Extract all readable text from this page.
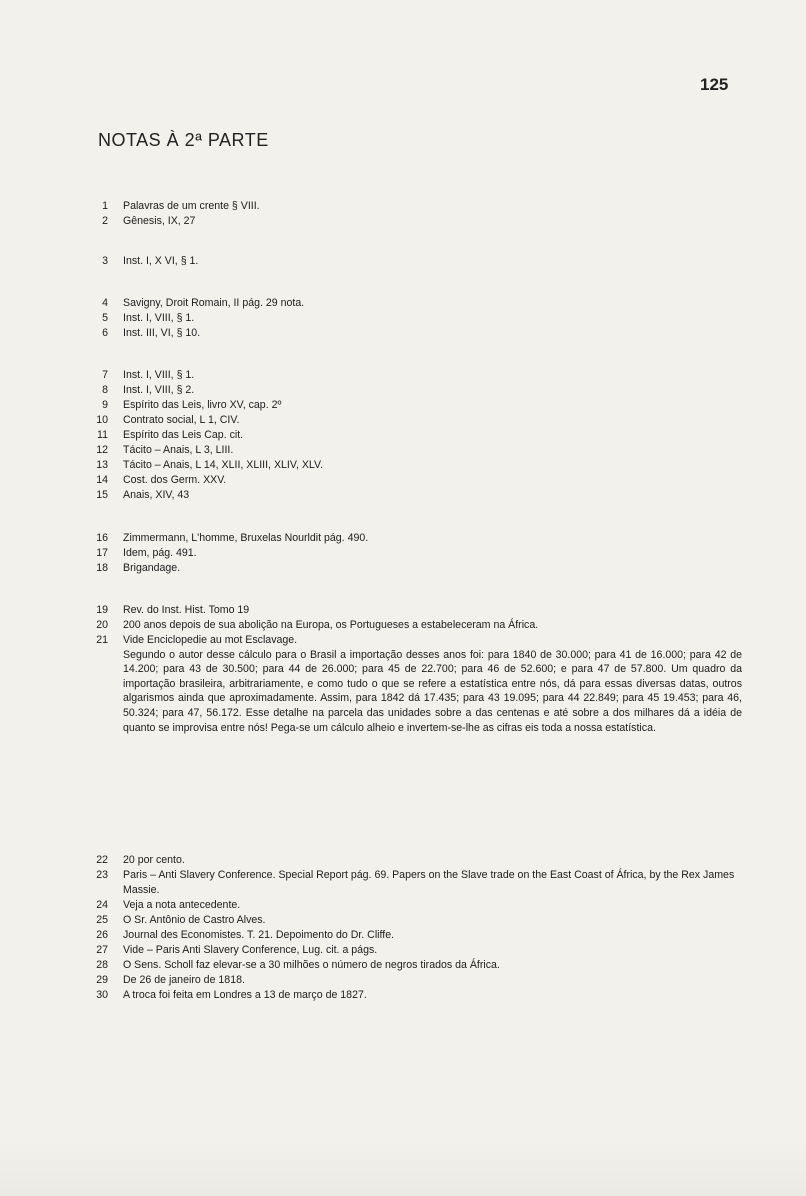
125
NOTAS À 2ª PARTE
1 Palavras de um crente § VIII.
2 Gênesis, IX, 27
3 Inst. I, X VI, § 1.
4 Savigny, Droit Romain, II pág. 29 nota.
5 Inst. I, VIII, § 1.
6 Inst. III, VI, § 10.
7 Inst. I, VIII, § 1.
8 Inst. I, VIII, § 2.
9 Espírito das Leis, livro XV, cap. 2º
10 Contrato social, L 1, CIV.
11 Espírito das Leis Cap. cit.
12 Tácito – Anais, L 3, LIII.
13 Tácito – Anais, L 14, XLII, XLIII, XLIV, XLV.
14 Cost. dos Germ. XXV.
15 Anais, XIV, 43
16 Zimmermann, L'homme, Bruxelas Nourldit pág. 490.
17 Idem, pág. 491.
18 Brigandage.
19 Rev. do Inst. Hist. Tomo 19
20 200 anos depois de sua abolição na Europa, os Portugueses a estabeleceram na África.
21 Vide Enciclopedie au mot Esclavage.
Segundo o autor desse cálculo para o Brasil a importação desses anos foi: para 1840 de 30.000; para 41 de 16.000; para 42 de 14.200; para 43 de 30.500; para 44 de 26.000; para 45 de 22.700; para 46 de 52.600; e para 47 de 57.800. Um quadro da importação brasileira, arbitrariamente, e como tudo o que se refere a estatística entre nós, dá para essas diversas datas, outros algarismos ainda que aproximadamente. Assim, para 1842 dá 17.435; para 43 19.095; para 44 22.849; para 45 19.453; para 46, 50.324; para 47, 56.172. Esse detalhe na parcela das unidades sobre a das centenas e até sobre a dos milhares dá a idéia de quanto se improvisa entre nós! Pega-se um cálculo alheio e invertem-se-lhe as cifras eis toda a nossa estatística.
22 20 por cento.
23 Paris – Anti Slavery Conference. Special Report pág. 69. Papers on the Slave trade on the East Coast of África, by the Rex James Massie.
24 Veja a nota antecedente.
25 O Sr. Antônio de Castro Alves.
26 Journal des Economistes. T. 21. Depoimento do Dr. Cliffe.
27 Vide – Paris Anti Slavery Conference, Lug. cit. a págs.
28 O Sens. Scholl faz elevar-se a 30 milhões o número de negros tirados da África.
29 De 26 de janeiro de 1818.
30 A troca foi feita em Londres a 13 de março de 1827.
